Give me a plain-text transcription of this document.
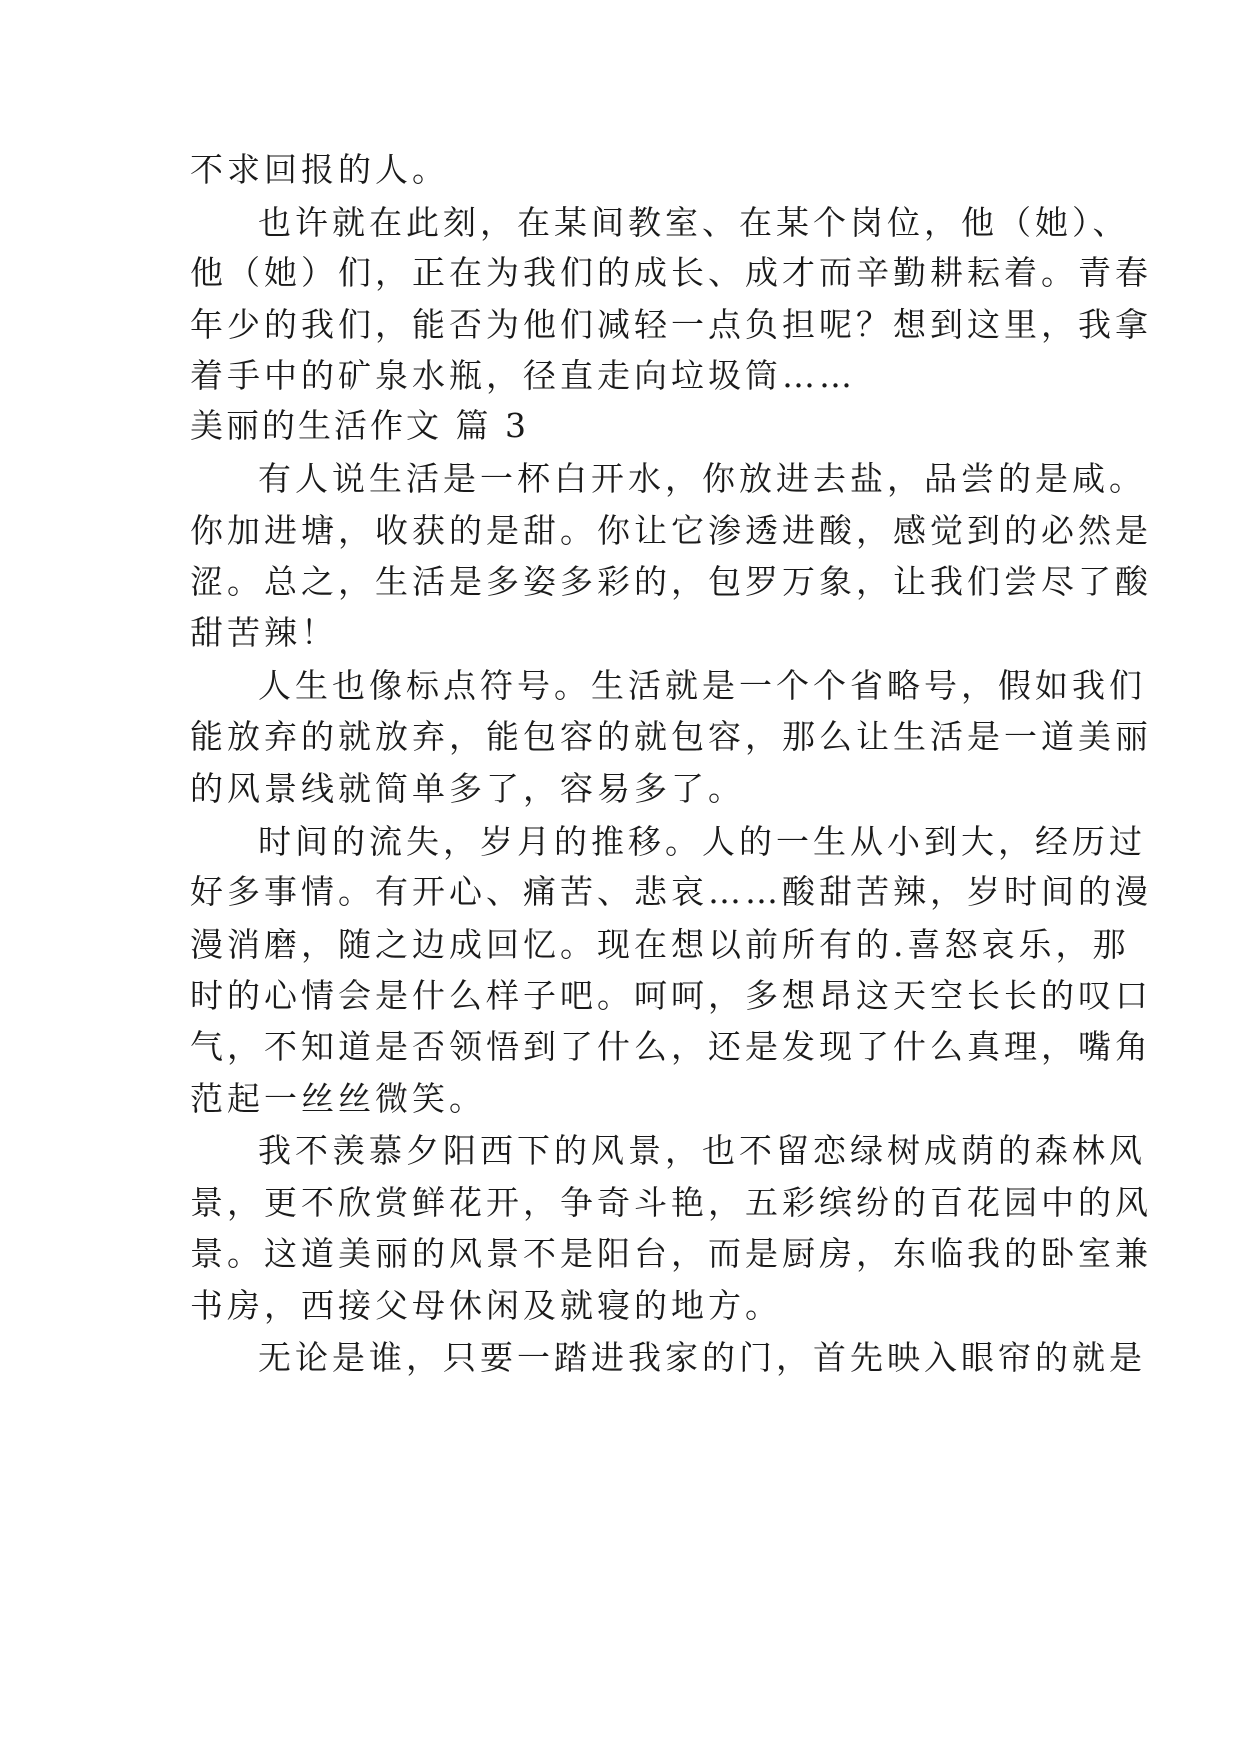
不求回报的人。
也许就在此刻，在某间教室、在某个岗位，他（她）、
他（她）们，正在为我们的成长、成才而辛勤耕耘着。青春
年少的我们，能否为他们减轻一点负担呢？想到这里，我拿
着手中的矿泉水瓶，径直走向垃圾筒……
美丽的生活作文 篇 3
有人说生活是一杯白开水，你放进去盐，品尝的是咸。
你加进塘，收获的是甜。你让它渗透进酸，感觉到的必然是
涩。总之，生活是多姿多彩的，包罗万象，让我们尝尽了酸
甜苦辣！
人生也像标点符号。生活就是一个个省略号，假如我们
能放弃的就放弃，能包容的就包容，那么让生活是一道美丽
的风景线就简单多了，容易多了。
时间的流失，岁月的推移。人的一生从小到大，经历过
好多事情。有开心、痛苦、悲哀……酸甜苦辣，岁时间的漫
漫消磨，随之边成回忆。现在想以前所有的.喜怒哀乐，那
时的心情会是什么样子吧。呵呵，多想昂这天空长长的叹口
气，不知道是否领悟到了什么，还是发现了什么真理，嘴角
范起一丝丝微笑。
我不羡慕夕阳西下的风景，也不留恋绿树成荫的森林风
景，更不欣赏鲜花开，争奇斗艳，五彩缤纷的百花园中的风
景。这道美丽的风景不是阳台，而是厨房，东临我的卧室兼
书房，西接父母休闲及就寝的地方。
无论是谁，只要一踏进我家的门，首先映入眼帘的就是
